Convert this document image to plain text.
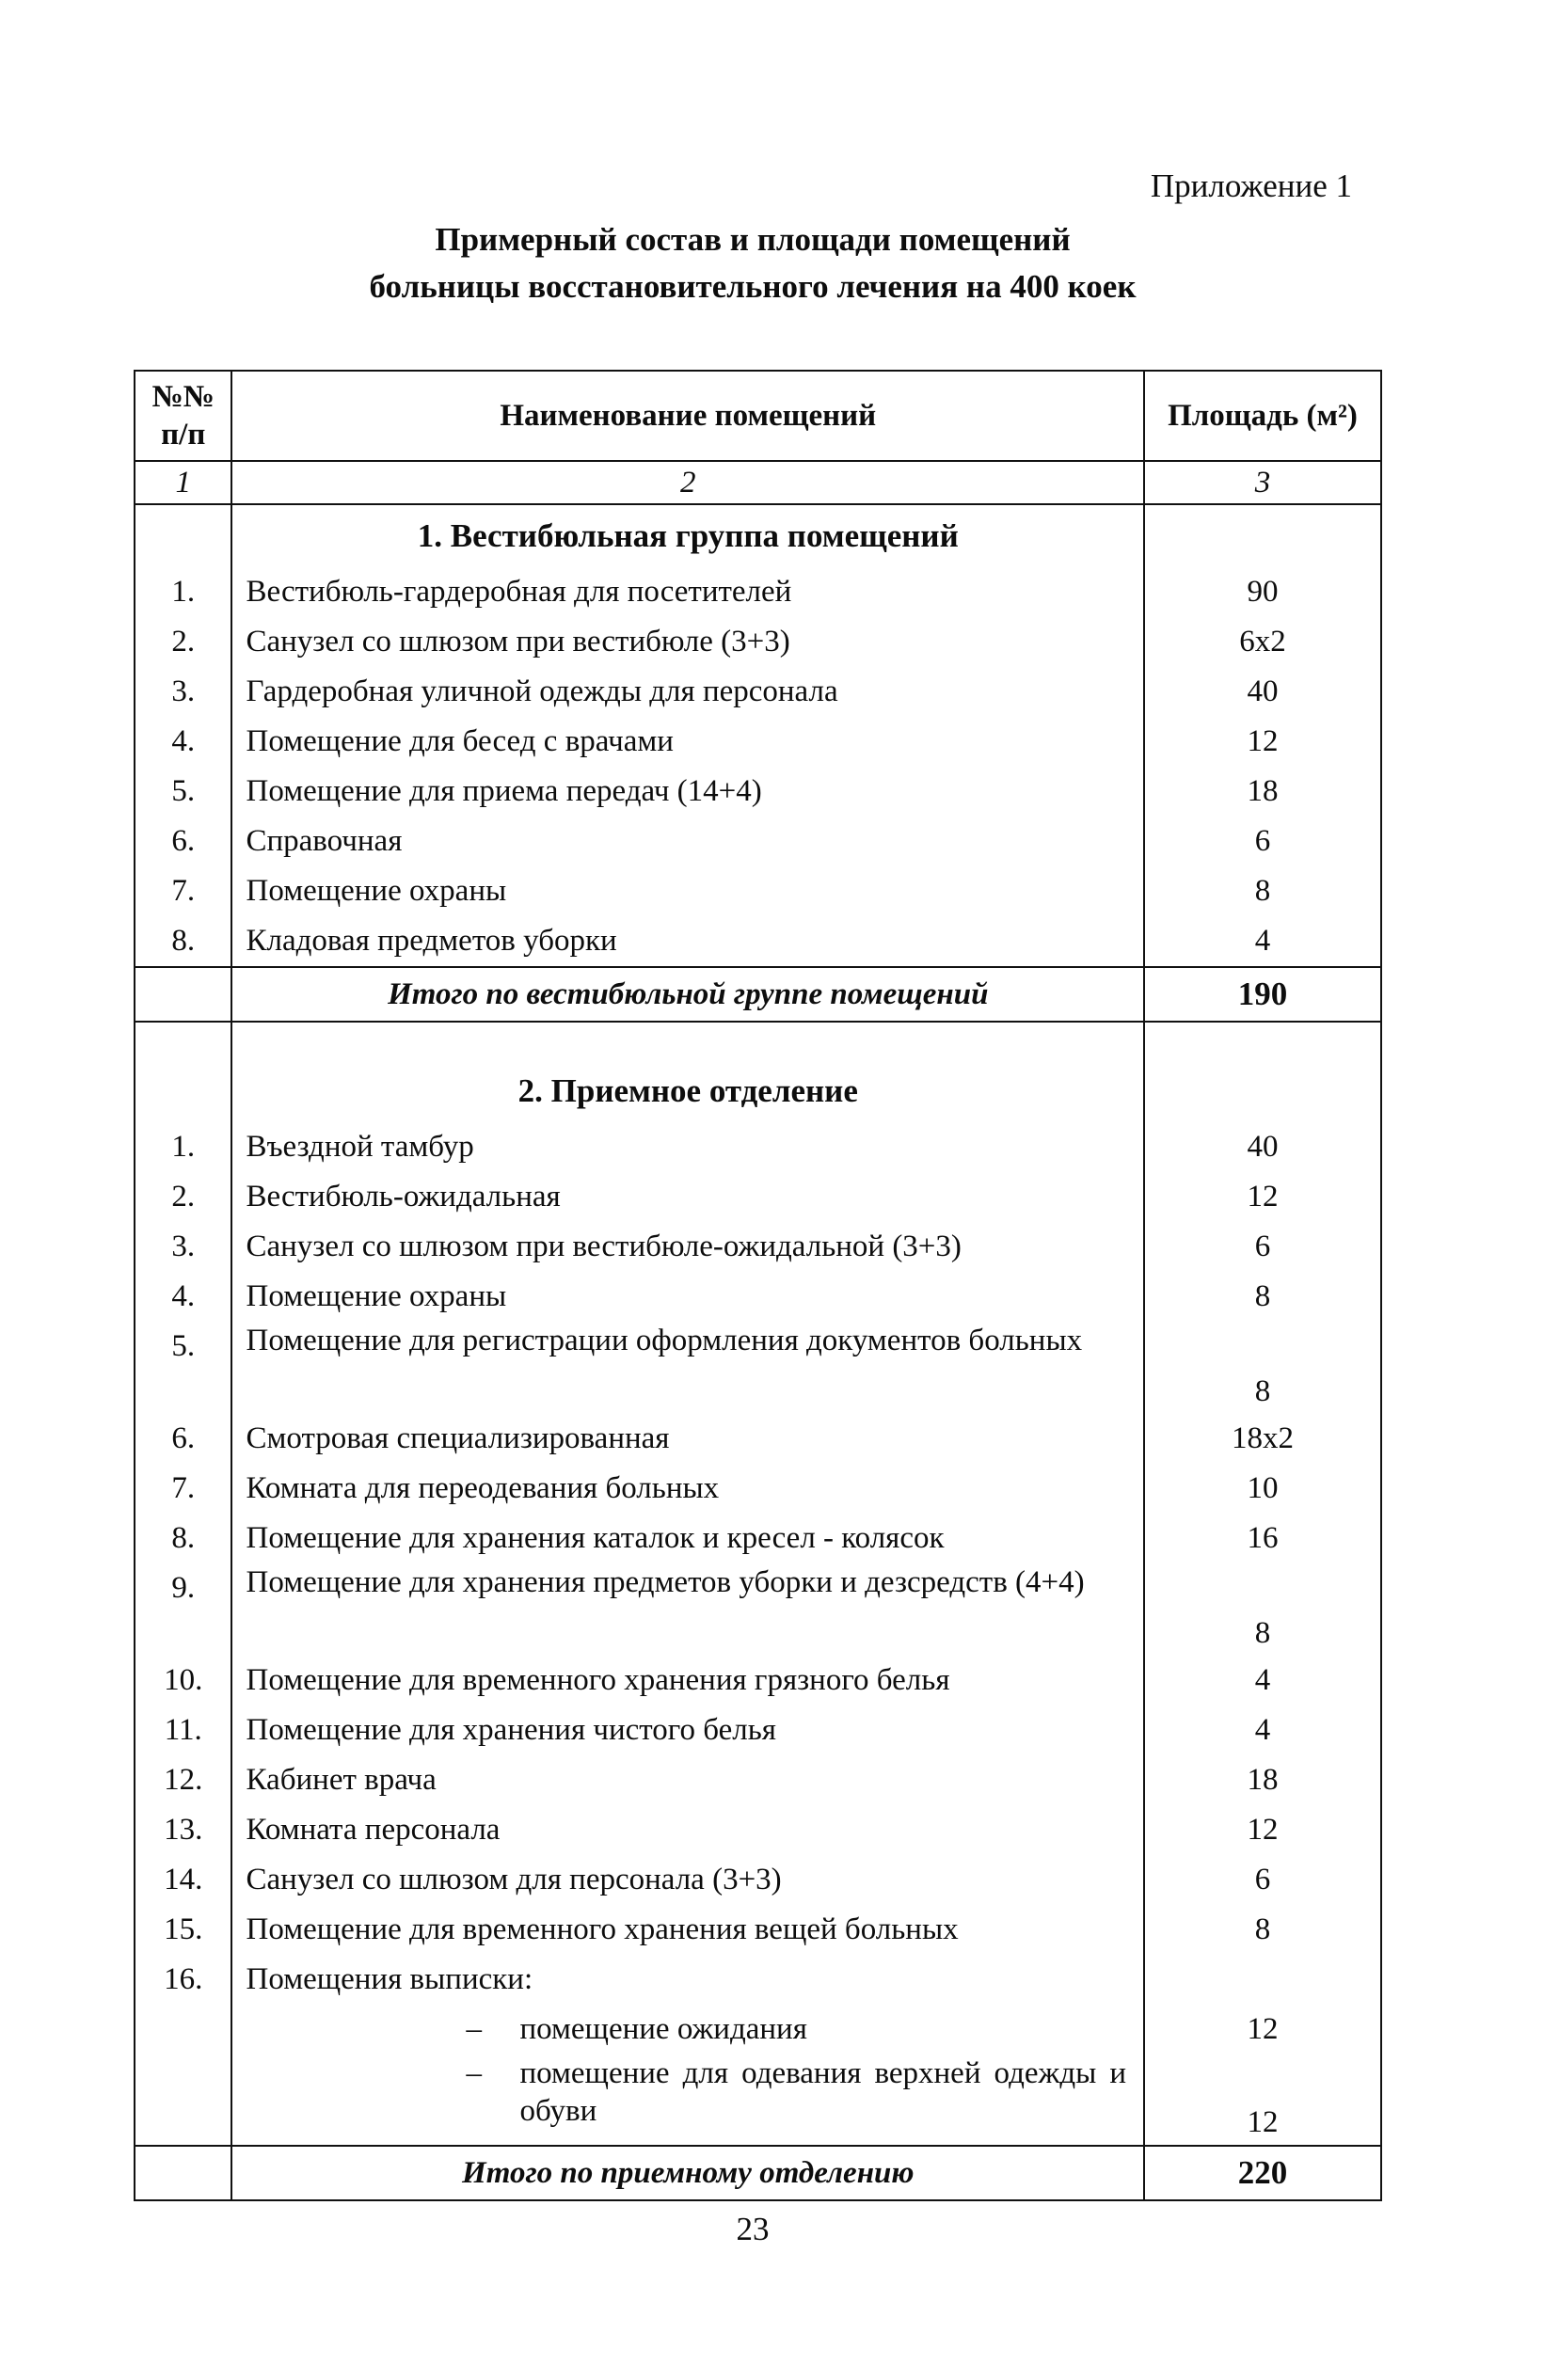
Приложение 1
Примерный состав и площади помещений
больницы восстановительного лечения на 400 коек
№№
п/п	Наименование помещений	Площадь (м²)
1	2	3
	1. Вестибюльная группа помещений	
1.	Вестибюль-гардеробная для посетителей	90
2.	Санузел со шлюзом при вестибюле (3+3)	6х2
3.	Гардеробная уличной одежды для персонала	40
4.	Помещение для бесед с врачами	12
5.	Помещение для приема передач (14+4)	18
6.	Справочная	6
7.	Помещение охраны	8
8.	Кладовая предметов уборки	4
	Итого по вестибюльной группе помещений	190

	2. Приемное отделение	
1.	Въездной тамбур	40
2.	Вестибюль-ожидальная	12
3.	Санузел со шлюзом при вестибюле-ожидальной (3+3)	6
4.	Помещение охраны	8
5.	Помещение для регистрации оформления документов больных	8
6.	Смотровая специализированная	18х2
7.	Комната для переодевания больных	10
8.	Помещение для хранения каталок и кресел - колясок	16
9.	Помещение для хранения предметов уборки и дезсредств (4+4)	8
10.	Помещение для временного хранения грязного белья	4
11.	Помещение для хранения чистого белья	4
12.	Кабинет врача	18
13.	Комната персонала	12
14.	Санузел со шлюзом для персонала (3+3)	6
15.	Помещение для временного хранения вещей больных	8
16.	Помещения выписки:	

	– помещение ожидания	12

	– помещение для одевания верхней одежды и обуви	12
	Итого по приемному отделению	220
23
